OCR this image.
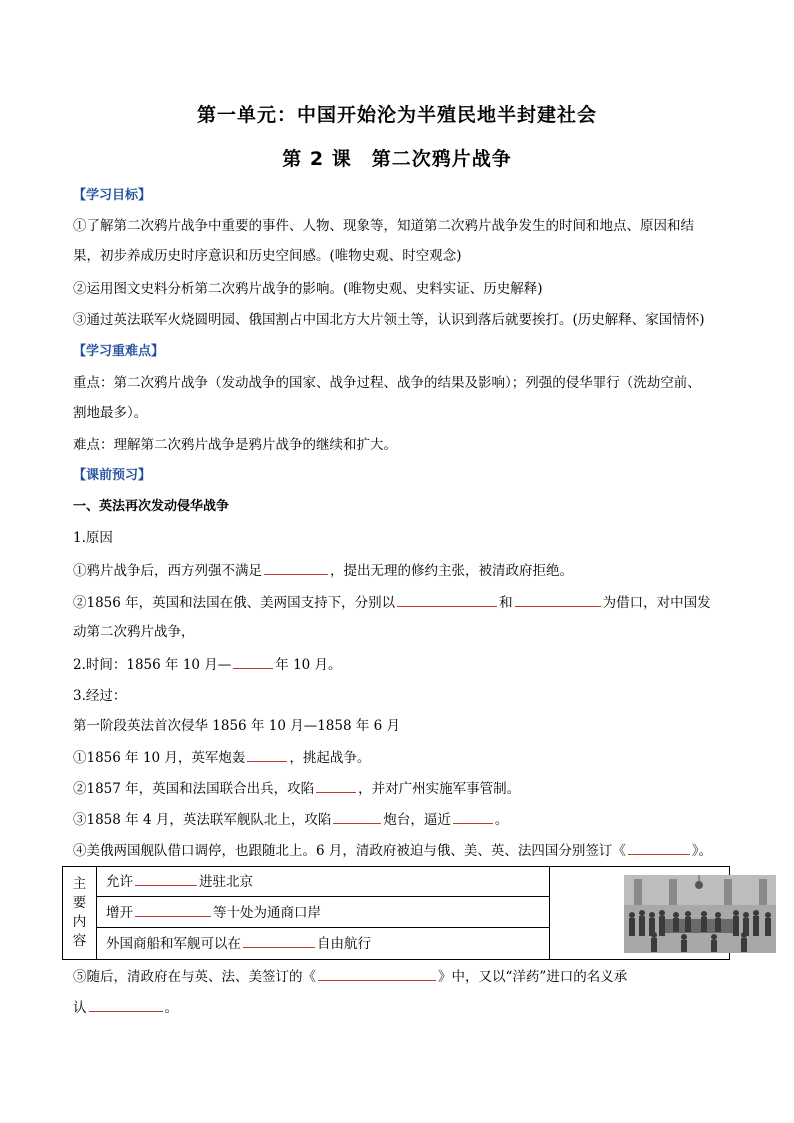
第一单元：中国开始沦为半殖民地半封建社会
第 2 课　第二次鸦片战争
【学习目标】
①了解第二次鸦片战争中重要的事件、人物、现象等，知道第二次鸦片战争发生的时间和地点、原因和结
果，初步养成历史时序意识和历史空间感。(唯物史观、时空观念)
②运用图文史料分析第二次鸦片战争的影响。(唯物史观、史料实证、历史解释)
③通过英法联军火烧圆明园、俄国割占中国北方大片领土等，认识到落后就要挨打。(历史解释、家国情怀)
【学习重难点】
重点：第二次鸦片战争（发动战争的国家、战争过程、战争的结果及影响）；列强的侵华罪行（洗劫空前、
割地最多）。
难点：理解第二次鸦片战争是鸦片战争的继续和扩大。
【课前预习】
一、英法再次发动侵华战争
1.原因
①鸦片战争后，西方列强不满足	，提出无理的修约主张，被清政府拒绝。
②1856 年，英国和法国在俄、美两国支持下，分别以	和	为借口，对中国发
动第二次鸦片战争，
2.时间：1856 年 10 月—	年 10 月。
3.经过：
第一阶段英法首次侵华 1856 年 10 月—1858 年 6 月
①1856 年 10 月，英军炮轰	，挑起战争。
②1857 年，英国和法国联合出兵，攻陷	，并对广州实施军事管制。
③1858 年 4 月，英法联军舰队北上，攻陷	炮台，逼近	。
④美俄两国舰队借口调停，也跟随北上。6 月，清政府被迫与俄、美、英、法四国分别签订《	》。
主
要
内
容
允许	进驻北京
增开	等十处为通商口岸
外国商船和军舰可以在	自由航行
⑤随后，清政府在与英、法、美签订的《	》中，又以“洋药”进口的名义承
认	。
